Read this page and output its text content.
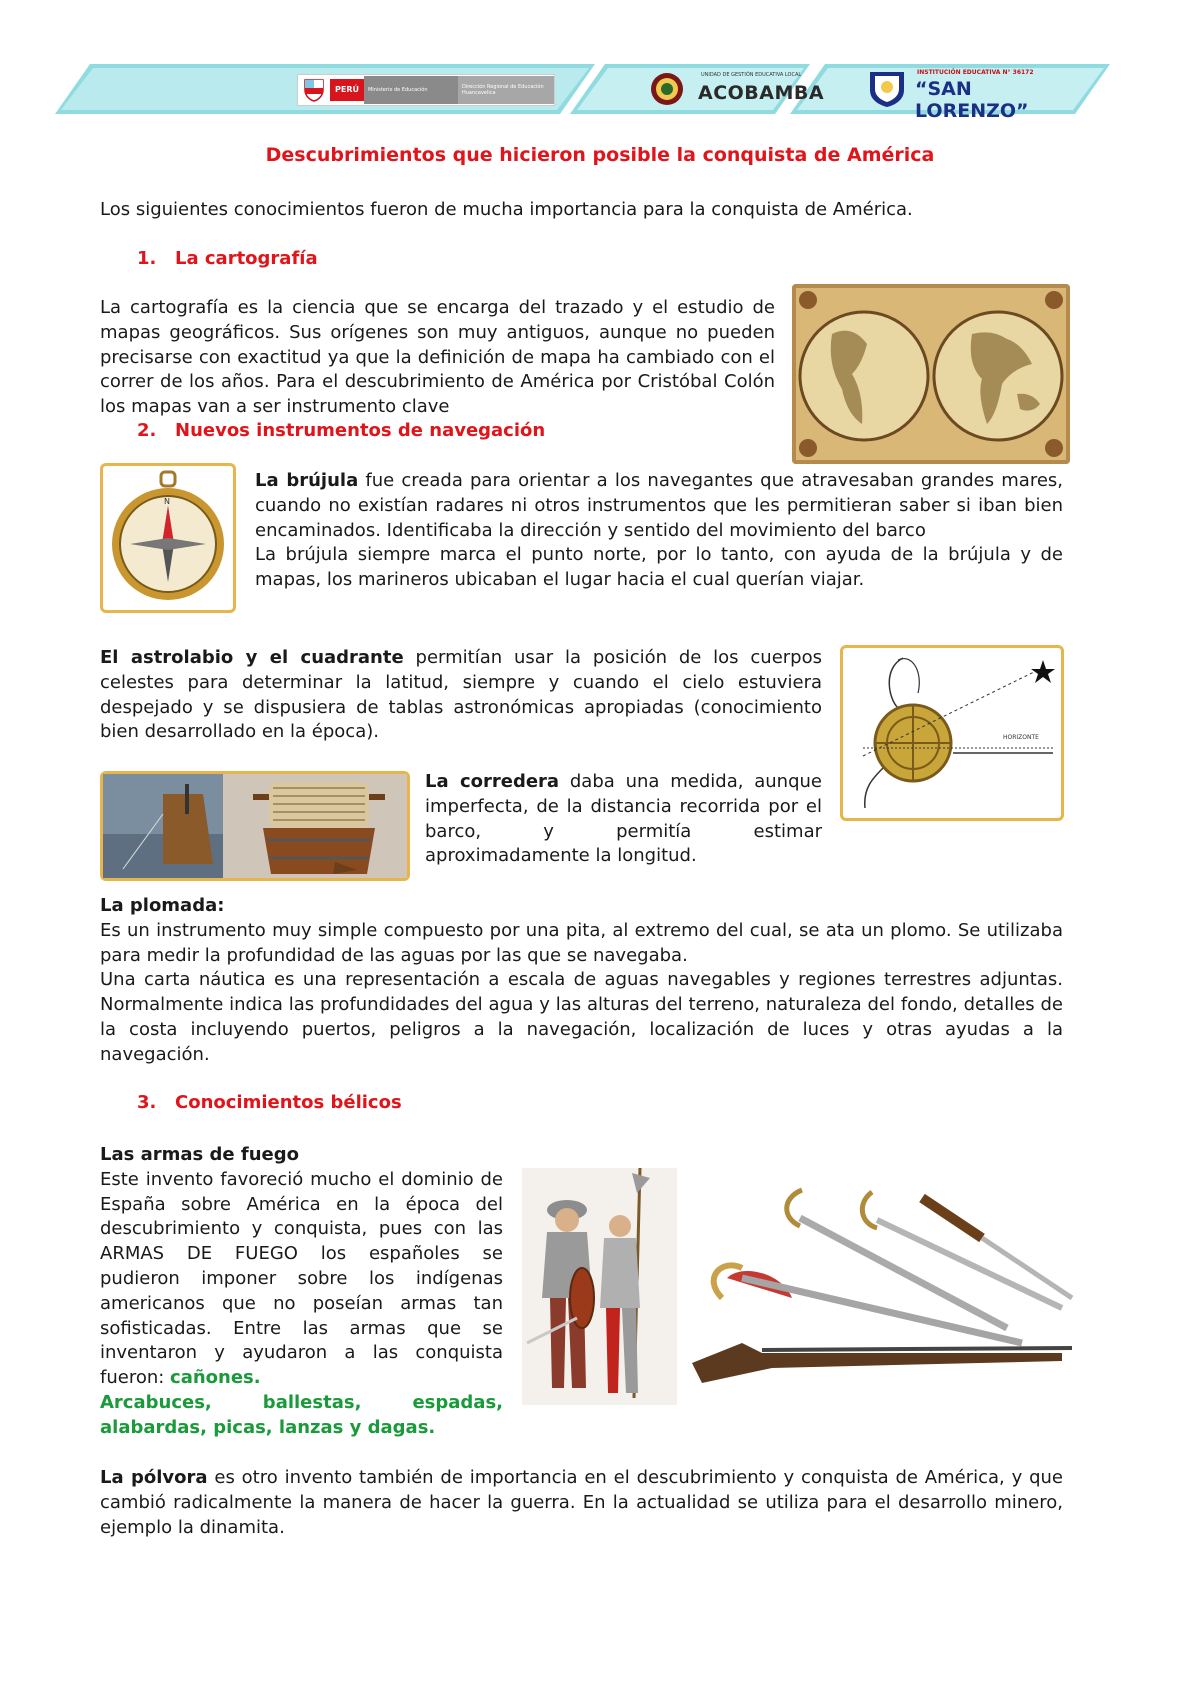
PERÚ	Ministerio de Educación	Dirección Regional de Educación Huancavelica
UNIDAD DE GESTIÓN EDUCATIVA LOCAL
ACOBAMBA
INSTITUCIÓN EDUCATIVA N° 36172
“SAN LORENZO”
Descubrimientos que hicieron posible la conquista de América
Los siguientes conocimientos fueron de mucha importancia para la conquista de América.
1. La cartografía
La cartografía es la ciencia que se encarga del trazado y el estudio de mapas geográficos. Sus orígenes son muy antiguos, aunque no pueden precisarse con exactitud ya que la definición de mapa ha cambiado con el correr de los años. Para el descubrimiento de América por Cristóbal Colón los mapas van a ser instrumento clave
2. Nuevos instrumentos de navegación
N
La brújula fue creada para orientar a los navegantes que atravesaban grandes mares, cuando no existían radares ni otros instrumentos que les permitieran saber si iban bien encaminados. Identificaba la dirección y sentido del movimiento del barco
La brújula siempre marca el punto norte, por lo tanto, con ayuda de la brújula y de mapas, los marineros ubicaban el lugar hacia el cual querían viajar.
El astrolabio y el cuadrante permitían usar la posición de los cuerpos celestes para determinar la latitud, siempre y cuando el cielo estuviera despejado y se dispusiera de tablas astronómicas apropiadas (conocimiento bien desarrollado en la época).	HORIZONTE
La corredera daba una medida, aunque imperfecta, de la distancia recorrida por el barco, y permitía estimar aproximadamente la longitud.
La plomada:
Es un instrumento muy simple compuesto por una pita, al extremo del cual, se ata un plomo. Se utilizaba para medir la profundidad de las aguas por las que se navegaba.
Una carta náutica es una representación a escala de aguas navegables y regiones terrestres adjuntas. Normalmente indica las profundidades del agua y las alturas del terreno, naturaleza del fondo, detalles de la costa incluyendo puertos, peligros a la navegación, localización de luces y otras ayudas a la navegación.
3. Conocimientos bélicos
Las armas de fuego
Este invento favoreció mucho el dominio de España sobre América en la época del descubrimiento y conquista, pues con las ARMAS DE FUEGO los españoles se pudieron imponer sobre los indígenas americanos que no poseían armas tan sofisticadas. Entre las armas que se inventaron y ayudaron a las conquista fueron: cañones.
Arcabuces, ballestas, espadas, alabardas, picas, lanzas y dagas.
La pólvora es otro invento también de importancia en el descubrimiento y conquista de América, y que cambió radicalmente la manera de hacer la guerra. En la actualidad se utiliza para el desarrollo minero, ejemplo la dinamita.
